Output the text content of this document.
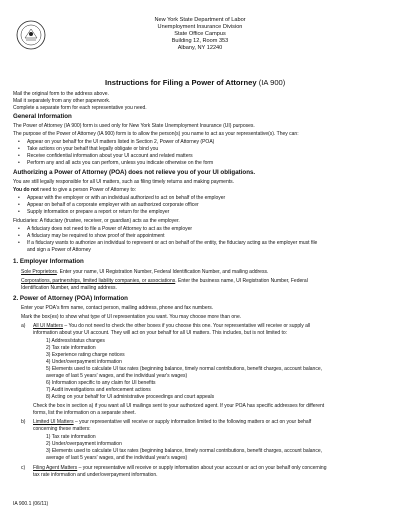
New York State Department of Labor
Unemployment Insurance Division
State Office Campus
Building 12, Room 353
Albany, NY 12240
Instructions for Filing a Power of Attorney (IA 900)
Mail the original form to the address above.
Mail it separately from any other paperwork.
Complete a separate form for each representative you need.
General Information
The Power of Attorney (IA 900) form is used only for New York State Unemployment Insurance (UI) purposes.
The purpose of the Power of Attorney (IA 900) form is to allow the person(s) you name to act as your representative(s). They can:
• Appear on your behalf for the UI matters listed in Section 2, Power of Attorney (POA)
• Take actions on your behalf that legally obligate or bind you
• Receive confidential information about your UI account and related matters
• Perform any and all acts you can perform, unless you indicate otherwise on the form
Authorizing a Power of Attorney (POA) does not relieve you of your UI obligations.
You are still legally responsible for all UI matters, such as filing timely returns and making payments.
You do not need to give a person Power of Attorney to:
• Appear with the employer or with an individual authorized to act on behalf of the employer
• Appear on behalf of a corporate employer with an authorized corporate officer
• Supply information or prepare a report or return for the employer
Fiduciaries: A fiduciary (trustee, receiver, or guardian) acts as the employer.
• A fiduciary does not need to file a Power of Attorney to act as the employer
• A fiduciary may be required to show proof of their appointment
• If a fiduciary wants to authorize an individual to represent or act on behalf of the entity, the fiduciary acting as the employer must file
and sign a Power of Attorney
1. Employer Information
Sole Proprietors. Enter your name, UI Registration Number, Federal Identification Number, and mailing address.
Corporations, partnerships, limited liability companies, or associations. Enter the business name, UI Registration Number, Federal
Identification Number, and mailing address.
2. Power of Attorney (POA) Information
Enter your POA's firm name, contact person, mailing address, phone and fax numbers.
Mark the box(es) to show what type of UI representation you want. You may choose more than one.
a) All UI Matters – You do not need to check the other boxes if you choose this one. Your representative will receive or supply all
information about your UI account. They will act on your behalf for all UI matters. This includes, but is not limited to:
1) Address/status changes
2) Tax rate information
3) Experience rating charge notices
4) Under/overpayment information
5) Elements used to calculate UI tax rates (beginning balance, timely normal contributions, benefit charges, account balance,
average of last 5 years' wages, and the individual year's wages)
6) Information specific to any claim for UI benefits
7) Audit investigations and enforcement actions
8) Acting on your behalf for UI administrative proceedings and court appeals
Check the box in section a) if you want all UI mailings sent to your authorized agent. If your POA has specific addresses for different
forms, list the information on a separate sheet.
b) Limited UI Matters – your representative will receive or supply information limited to the following matters or act on your behalf
concerning these matters:
1) Tax rate information
2) Under/overpayment information
3) Elements used to calculate UI tax rates (beginning balance, timely normal contributions, benefit charges, account balance,
average of last 5 years' wages, and the individual year's wages)
c) Filing Agent Matters – your representative will receive or supply information about your account or act on your behalf only concerning
tax rate information and under/overpayment information.
IA 900.1 (06/11)
